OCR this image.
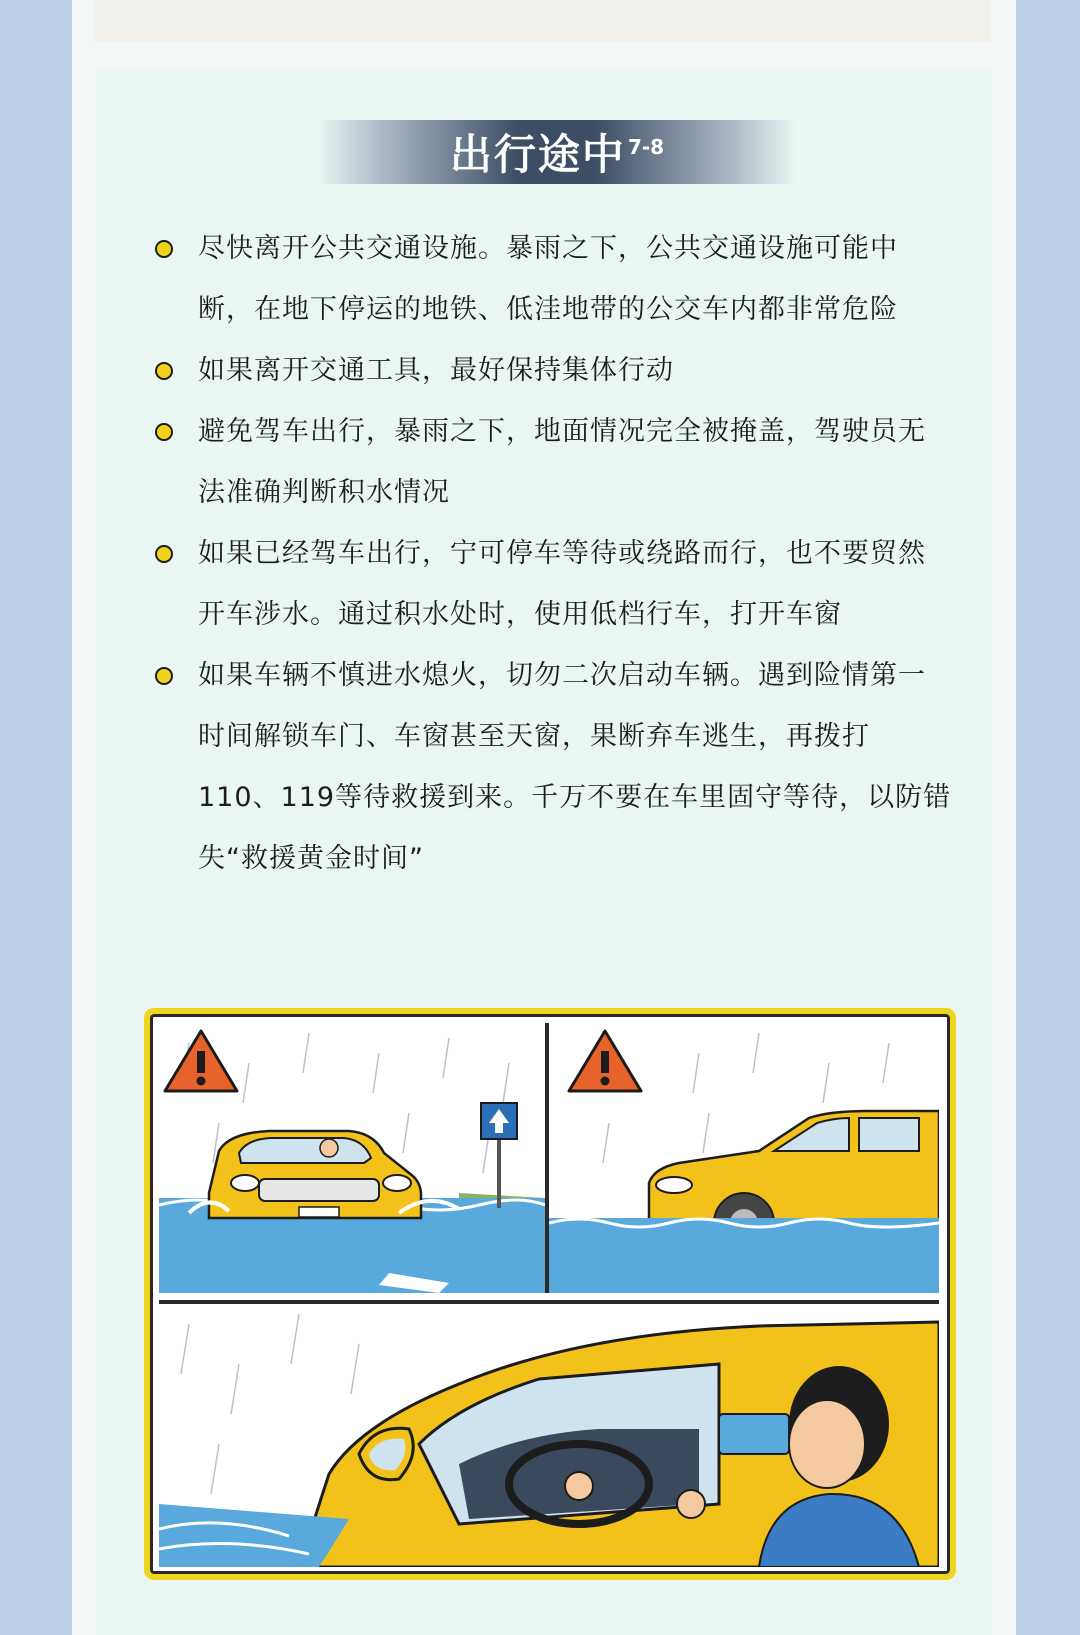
出行途中 $^{7-8}$
尽快离开公共交通设施。暴雨之下，公共交通设施可能中断，在地下停运的地铁、低洼地带的公交车内都非常危险
如果离开交通工具，最好保持集体行动
避免驾车出行，暴雨之下，地面情况完全被掩盖，驾驶员无法准确判断积水情况
如果已经驾车出行，宁可停车等待或绕路而行，也不要贸然开车涉水。通过积水处时，使用低档行车，打开车窗
如果车辆不慎进水熄火，切勿二次启动车辆。遇到险情第一时间解锁车门、车窗甚至天窗，果断弃车逃生，再拨打110、119等待救援到来。千万不要在车里固守等待，以防错失“救援黄金时间”
